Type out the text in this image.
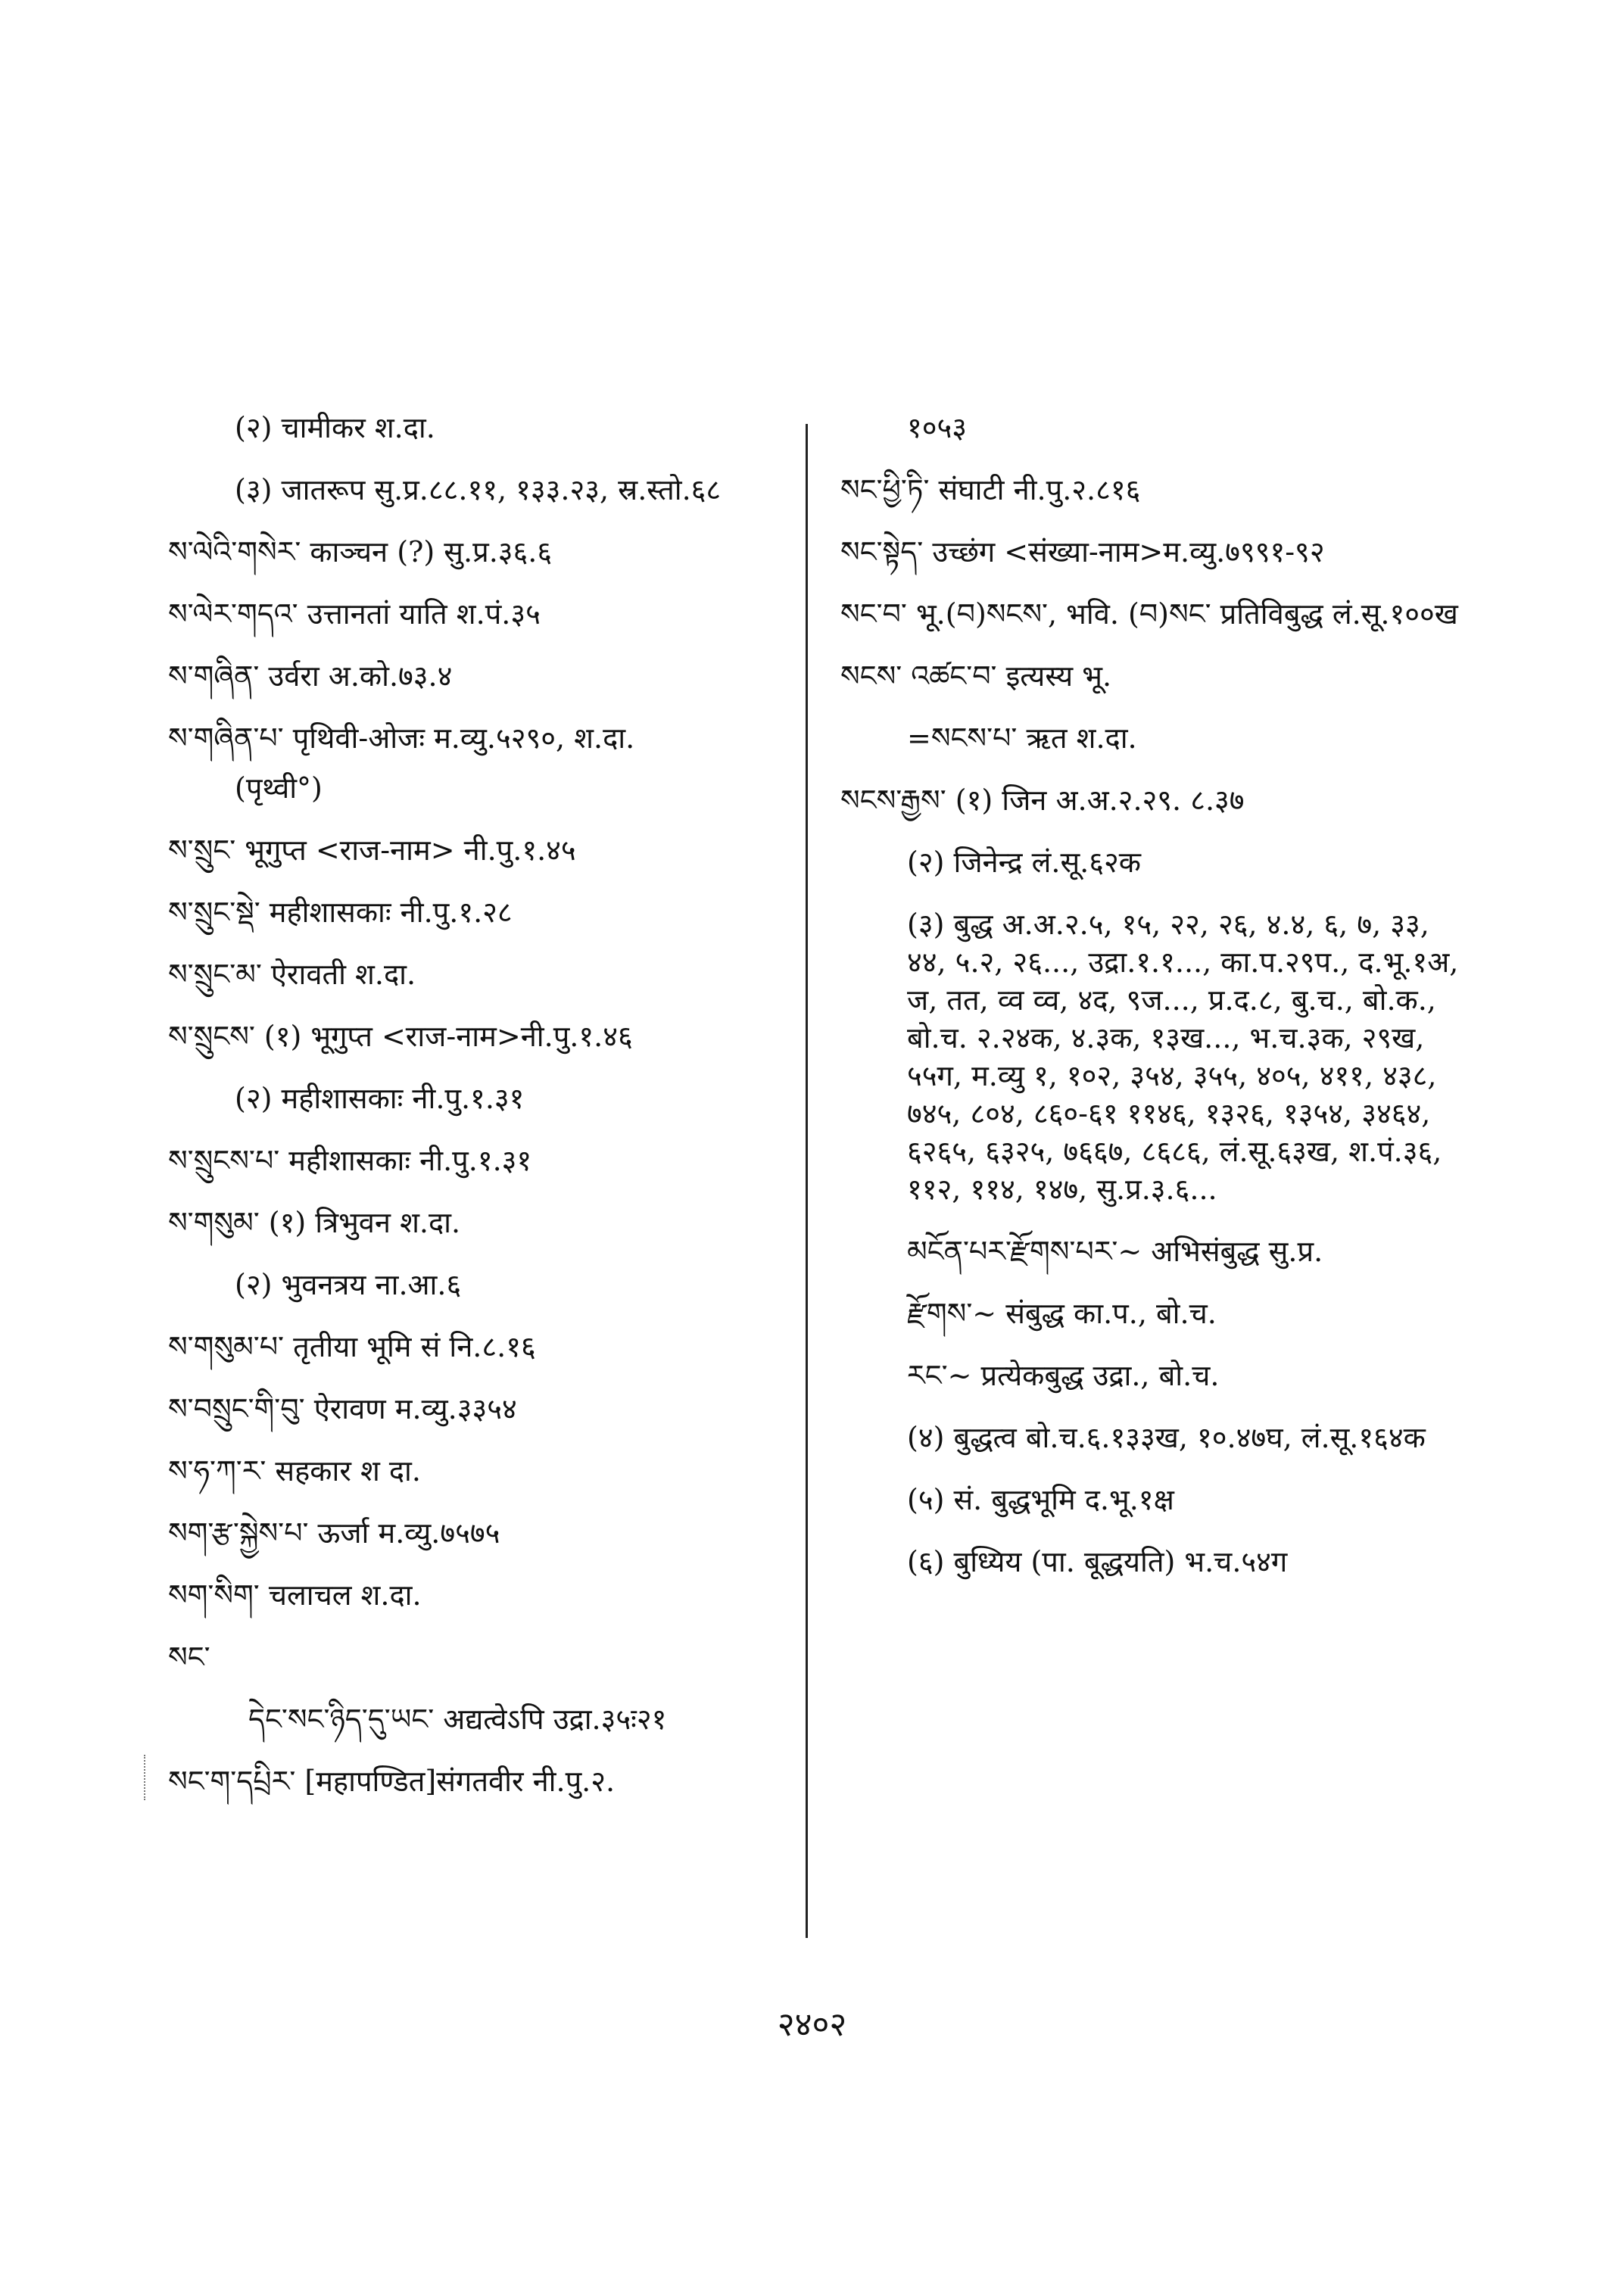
(२) चामीकर श.दा.
(३) जातरूप सु.प्र.८८.११, १३३.२३, स्र.स्तो.६८
ས་ལེའི་གསེར་ काञ्चन (?) सु.प्र.३६.६
ས་ལེར་གདའ་ उत्तानतां याति श.पं.३५
ས་གཞིན་ उर्वरा अ.को.७३.४
ས་གཞིན་པ་ पृथिवी-ओजः म.व्यु.५२९०, श.दा.
(पृथ्वी°)
ས་སྲུང་ भूगुप्त <राज-नाम> नी.पु.१.४५
ས་སྲུང་སྡེ་ महीशासकाः नी.पु.१.२८
ས་སྲུང་མ་ ऐरावती श.दा.
ས་སྲུངས་ (१) भूगुप्त <राज-नाम>नी.पु.१.४६
(२) महीशासकाः नी.पु.१.३१
ས་སྲུངས་པ་ महीशासकाः नी.पु.१.३१
ས་གསུམ་ (१) त्रिभुवन श.दा.
(२) भुवनत्रय ना.आ.६
ས་གསུམ་པ་ तृतीया भूमि सं नि.८.१६
ས་བསྲུང་གི་བུ་ ऐरावण म.व्यु.३३५४
ས་ཧ་ཀ་ར་ सहकार श दा.
སག་རྩ་སྐྱེས་པ་ ऊर्जा म.व्यु.७५७५
སག་སིག་ चलाचल श.दा.
སང་
དེང་སང་ཉིད་དུ་ཡང་ अद्यत्वेऽपि उद्रा.३५ः२१
སང་ག་དཔྲིར་ [महापण्डित]संगतवीर नी.पु.२.
१०५३
སང་ཕྱི་ཏི་ संघाटी नी.पु.२.८१६
སང་སྟེད་ उच्छंग <संख्या-नाम>म.व्यु.७९९१-९२
སང་བ་ भू.(བ)སངས་, भवि. (བ)སང་ प्रतिविबुद्ध लं.सू.१००ख
སངས་ འཚང་བ་ इत्यस्य भू.
=སངས་པ་ ऋत श.दा.
སངས་རྒྱས་ (१) जिन अ.अ.२.२९. ८.३७
(२) जिनेन्द्र लं.सू.६२क
(३) बुद्ध अ.अ.२.५, १५, २२, २६, ४.४, ६, ७, ३३, ४४, ५.२, २६..., उद्रा.१.१..., का.प.२९प., द.भू.१अ, ज, तत, व्व व्व, ४द, ९ज..., प्र.द.८, बु.च., बो.क., बो.च. २.२४क, ४.३क, १३ख..., भ.च.३क, २९ख, ५५ग, म.व्यु १, १०२, ३५४, ३५५, ४०५, ४११, ४३८, ७४५, ८०४, ८६०-६१ ११४६, १३२६, १३५४, ३४६४, ६२६५, ६३२५, ७६६७, ८६८६, लं.सू.६३ख, श.पं.३६, ११२, ११४, १४७, सु.प्र.३.६...
མངོན་པར་རྫོགས་པར་~ अभिसंबुद्ध सु.प्र.
རྫོགས་~ संबुद्ध का.प., बो.च.
རང་~ प्रत्येकबुद्ध उद्रा., बो.च.
(४) बुद्धत्व बो.च.६.१३३ख, १०.४७घ, लं.सू.१६४क
(५) सं. बुद्धभूमि द.भू.१क्ष
(६) बुध्यिय (पा. बूद्धयति) भ.च.५४ग
२४०२
